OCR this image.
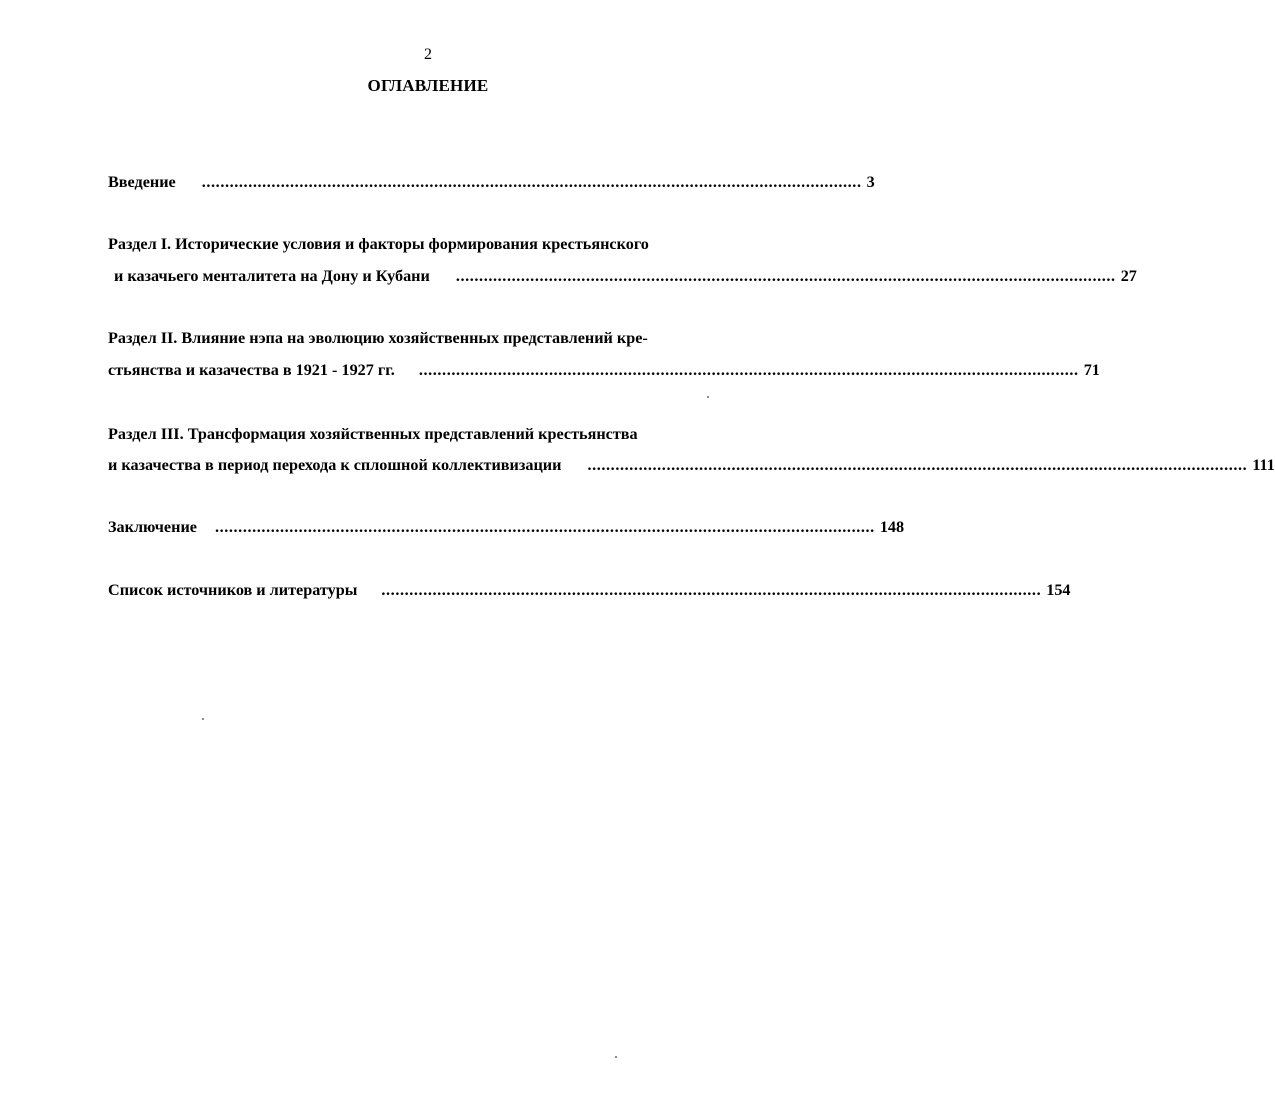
2
ОГЛАВЛЕНИЕ
Введение	.............................................................................................................................................. 3
Раздел I. Исторические условия и факторы формирования крестьянского
и казачьего менталитета на Дону и Кубани	.............................................................................................................................................. 27
Раздел II. Влияние нэпа на эволюцию хозяйственных представлений кре-
стьянства и казачества в 1921 - 1927 гг.	.............................................................................................................................................. 71
Раздел III. Трансформация хозяйственных представлений крестьянства
и казачества в период перехода к сплошной коллективизации	.............................................................................................................................................. 111
Заключение	.............................................................................................................................................. 148
Список источников и литературы	.............................................................................................................................................. 154
